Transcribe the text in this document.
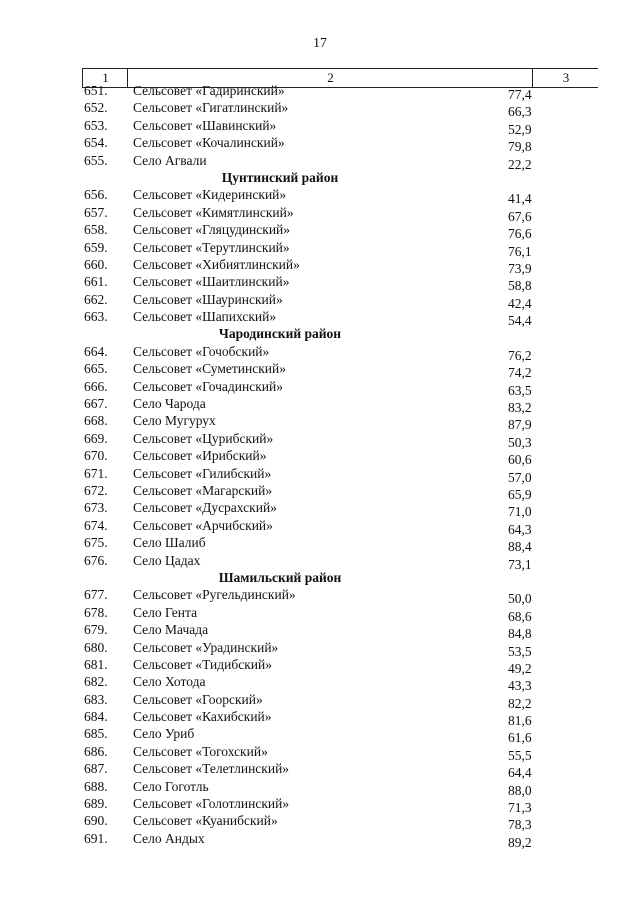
17
1	2	3
651.	Сельсовет «Гадиринский»	77,4
652.	Сельсовет «Гигатлинский»	66,3
653.	Сельсовет «Шавинский»	52,9
654.	Сельсовет «Кочалинский»	79,8
655.	Село Агвали	22,2
Цунтинский район
656.	Сельсовет «Кидеринский»	41,4
657.	Сельсовет «Кимятлинский»	67,6
658.	Сельсовет «Гляцудинский»	76,6
659.	Сельсовет «Терутлинский»	76,1
660.	Сельсовет «Хибиятлинский»	73,9
661.	Сельсовет «Шаитлинский»	58,8
662.	Сельсовет «Шауринский»	42,4
663.	Сельсовет «Шапихский»	54,4
Чародинский район
664.	Сельсовет «Гочобский»	76,2
665.	Сельсовет «Суметинский»	74,2
666.	Сельсовет «Гочадинский»	63,5
667.	Село Чарода	83,2
668.	Село Мугурух	87,9
669.	Сельсовет «Цурибский»	50,3
670.	Сельсовет «Ирибский»	60,6
671.	Сельсовет «Гилибский»	57,0
672.	Сельсовет «Магарский»	65,9
673.	Сельсовет «Дусрахский»	71,0
674.	Сельсовет «Арчибский»	64,3
675.	Село Шалиб	88,4
676.	Село Цадах	73,1
Шамильский район
677.	Сельсовет «Ругельдинский»	50,0
678.	Село Гента	68,6
679.	Село Мачада	84,8
680.	Сельсовет «Урадинский»	53,5
681.	Сельсовет «Тидибский»	49,2
682.	Село Хотода	43,3
683.	Сельсовет «Гоорский»	82,2
684.	Сельсовет «Кахибский»	81,6
685.	Село Уриб	61,6
686.	Сельсовет «Тогохский»	55,5
687.	Сельсовет «Телетлинский»	64,4
688.	Село Гоготль	88,0
689.	Сельсовет «Голотлинский»	71,3
690.	Сельсовет «Куанибский»	78,3
691.	Село Андых	89,2
